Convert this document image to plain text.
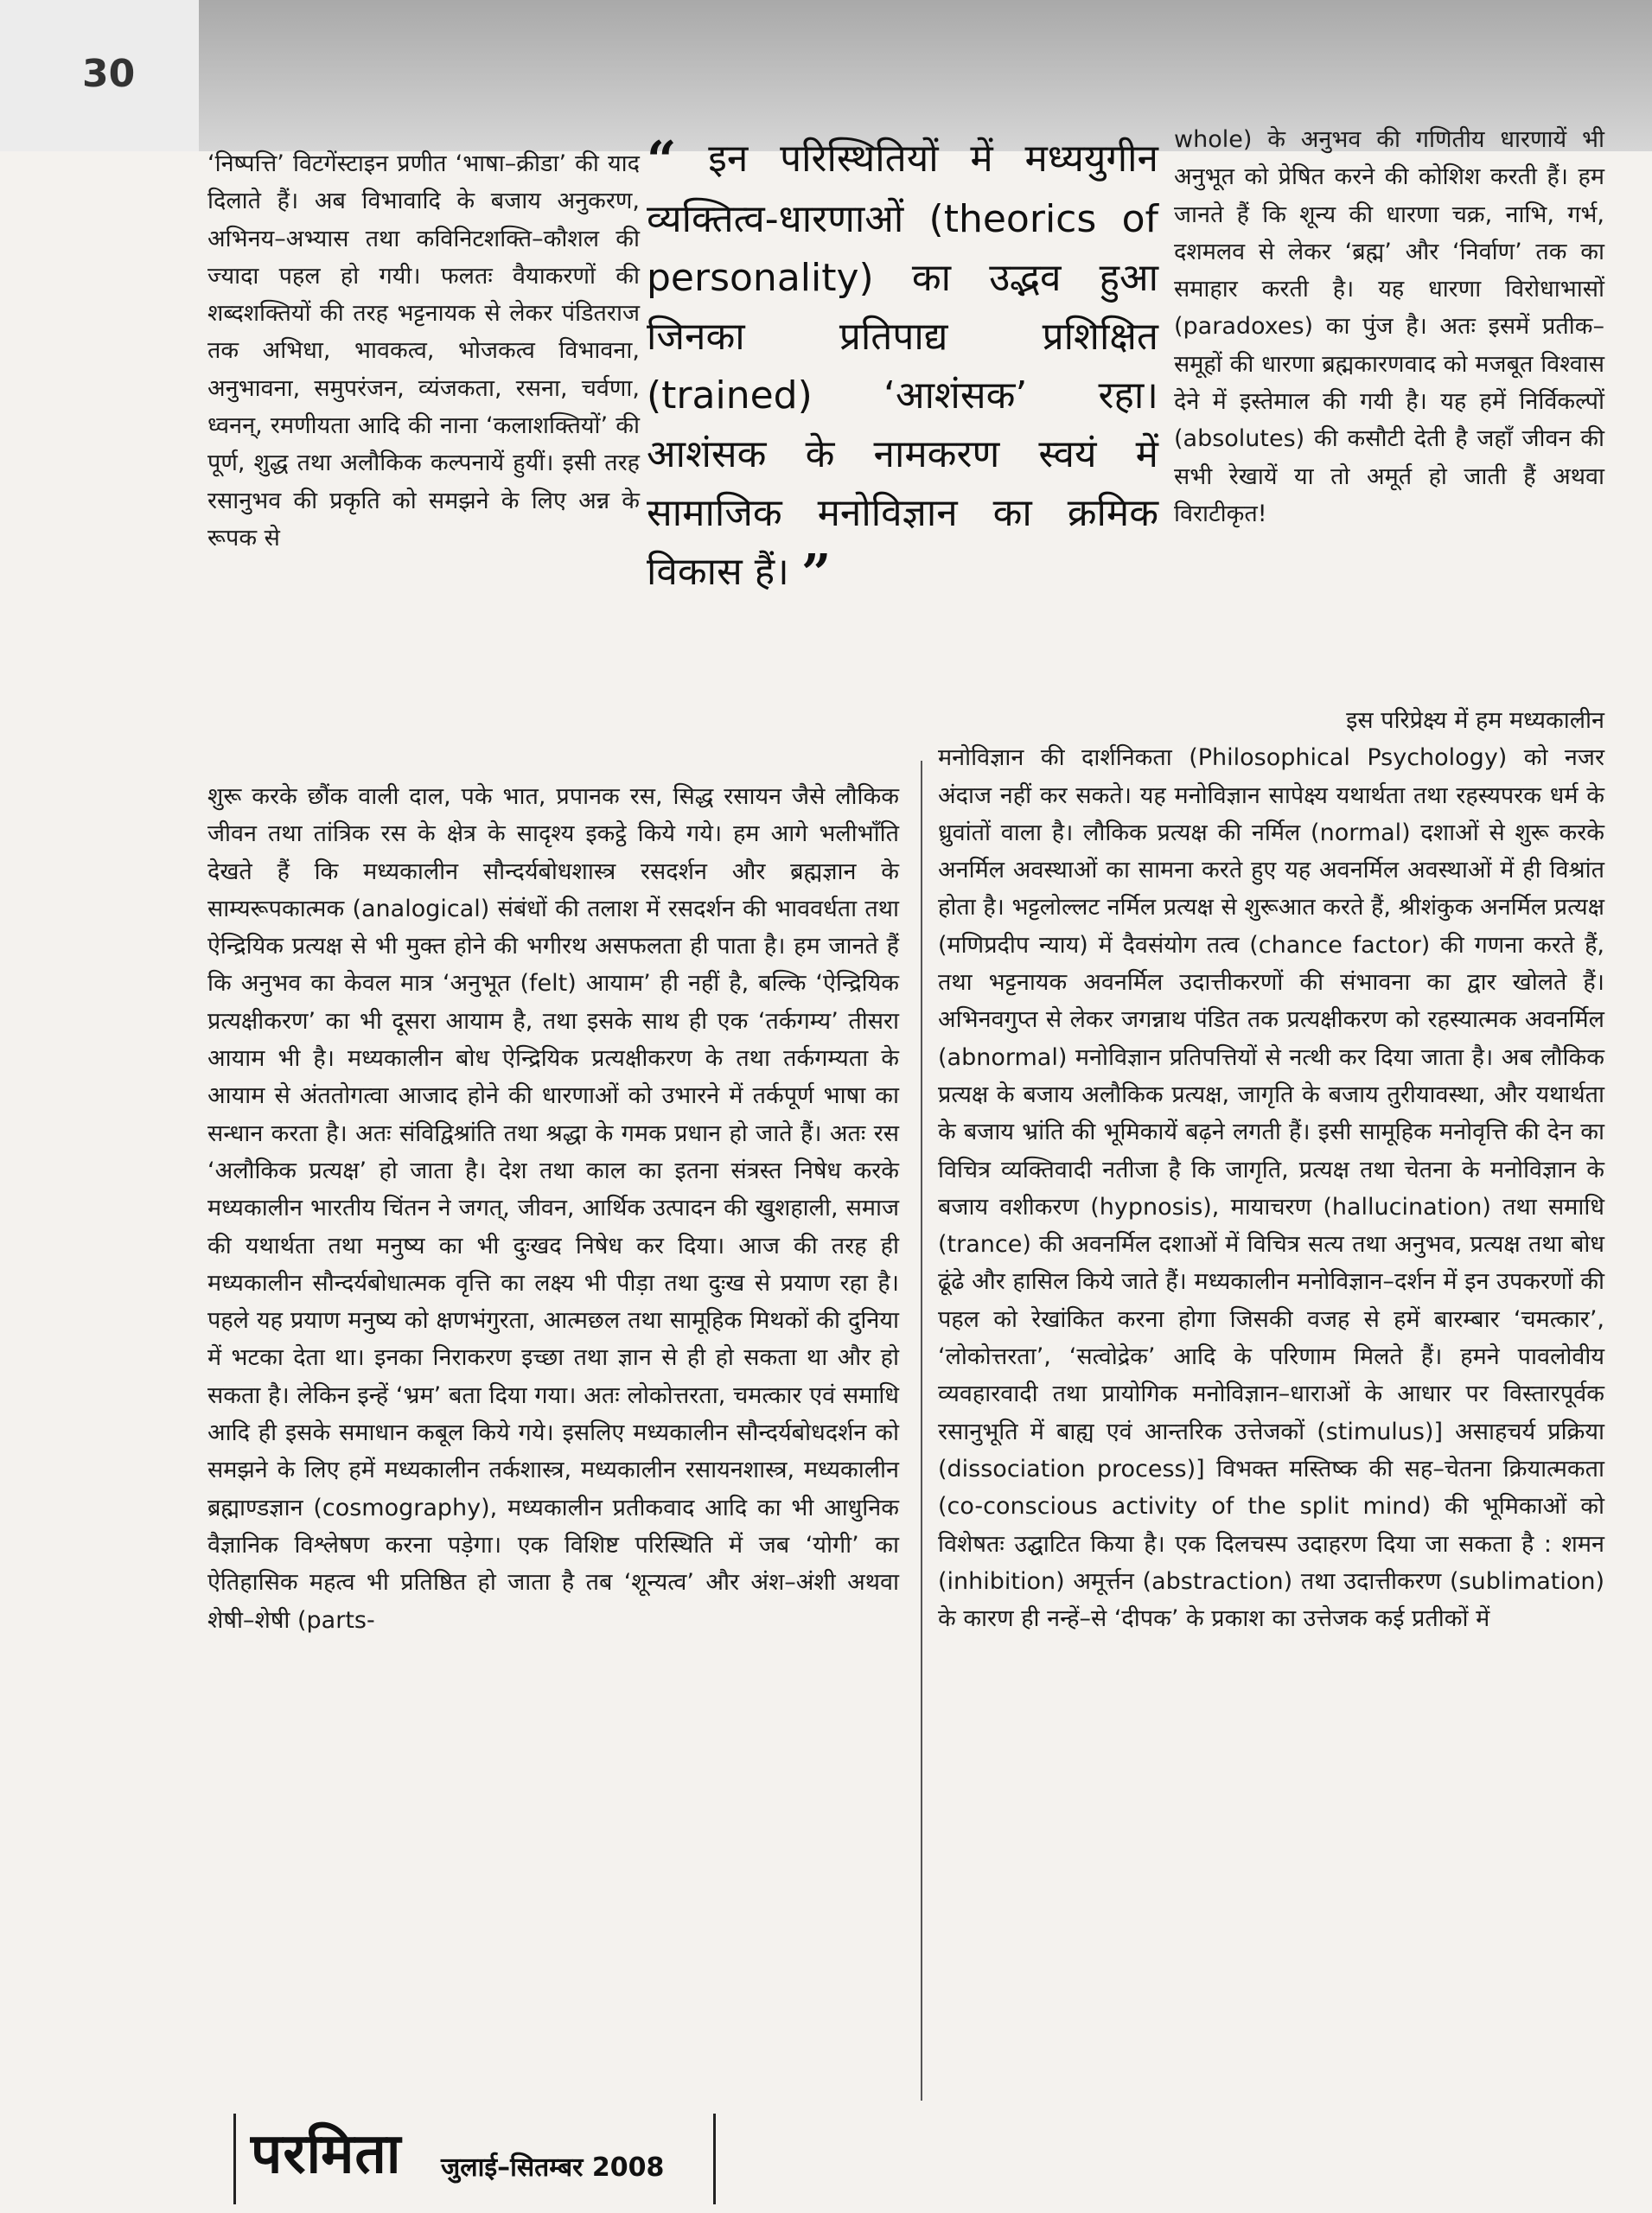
30

‘निष्पत्ति’ विटगेंस्टाइन प्रणीत ‘भाषा–क्रीडा’ की याद दिलाते हैं। अब विभावादि के बजाय अनुकरण, अभिनय–अभ्यास तथा कविनिटशक्ति–कौशल की ज्यादा पहल हो गयी। फलतः वैयाकरणों की शब्दशक्तियों की तरह भट्टनायक से लेकर पंडितराज तक अभिधा, भावकत्व, भोजकत्व विभावना, अनुभावना, समुपरंजन, व्यंजकता, रसना, चर्वणा, ध्वनन्, रमणीयता आदि की नाना ‘कलाशक्तियों’ की पूर्ण, शुद्ध तथा अलौकिक कल्पनायें हुयीं। इसी तरह रसानुभव की प्रकृति को समझने के लिए अन्न के रूपक से

“ इन परिस्थितियों में मध्ययुगीन व्यक्तित्व-धारणाओं (theorics of personality) का उद्भव हुआ जिनका प्रतिपाद्य प्रशिक्षित (trained) ‘आशंसक’ रहा। आशंसक के नामकरण स्वयं में सामाजिक मनोविज्ञान का क्रमिक विकास हैं। ”

शुरू करके छौंक वाली दाल, पके भात, प्रपानक रस, सिद्ध रसायन जैसे लौकिक जीवन तथा तांत्रिक रस के क्षेत्र के सादृश्य इकट्ठे किये गये। हम आगे भलीभाँति देखते हैं कि मध्यकालीन सौन्दर्यबोधशास्त्र रसदर्शन और ब्रह्मज्ञान के साम्यरूपकात्मक (analogical) संबंधों की तलाश में रसदर्शन की भाववर्धता तथा ऐन्द्रियिक प्रत्यक्ष से भी मुक्त होने की भगीरथ असफलता ही पाता है। हम जानते हैं कि अनुभव का केवल मात्र ‘अनुभूत (felt) आयाम’ ही नहीं है, बल्कि ‘ऐन्द्रियिक प्रत्यक्षीकरण’ का भी दूसरा आयाम है, तथा इसके साथ ही एक ‘तर्कगम्य’ तीसरा आयाम भी है। मध्यकालीन बोध ऐन्द्रियिक प्रत्यक्षीकरण के तथा तर्कगम्यता के आयाम से अंततोगत्वा आजाद होने की धारणाओं को उभारने में तर्कपूर्ण भाषा का सन्धान करता है। अतः संविद्विश्रांति तथा श्रद्धा के गमक प्रधान हो जाते हैं। अतः रस ‘अलौकिक प्रत्यक्ष’ हो जाता है। देश तथा काल का इतना संत्रस्त निषेध करके मध्यकालीन भारतीय चिंतन ने जगत्, जीवन, आर्थिक उत्पादन की खुशहाली, समाज की यथार्थता तथा मनुष्य का भी दुःखद निषेध कर दिया। आज की तरह ही मध्यकालीन सौन्दर्यबोधात्मक वृत्ति का लक्ष्य भी पीड़ा तथा दुःख से प्रयाण रहा है। पहले यह प्रयाण मनुष्य को क्षणभंगुरता, आत्मछल तथा सामूहिक मिथकों की दुनिया में भटका देता था। इनका निराकरण इच्छा तथा ज्ञान से ही हो सकता था और हो सकता है। लेकिन इन्हें ‘भ्रम’ बता दिया गया। अतः लोकोत्तरता, चमत्कार एवं समाधि आदि ही इसके समाधान कबूल किये गये। इसलिए मध्यकालीन सौन्दर्यबोधदर्शन को समझने के लिए हमें मध्यकालीन तर्कशास्त्र, मध्यकालीन रसायनशास्त्र, मध्यकालीन ब्रह्माण्डज्ञान (cosmography), मध्यकालीन प्रतीकवाद आदि का भी आधुनिक वैज्ञानिक विश्लेषण करना पड़ेगा। एक विशिष्ट परिस्थिति में जब ‘योगी’ का ऐतिहासिक महत्व भी प्रतिष्ठित हो जाता है तब ‘शून्यत्व’ और अंश–अंशी अथवा शेषी–शेषी (parts-

whole) के अनुभव की गणितीय धारणायें भी अनुभूत को प्रेषित करने की कोशिश करती हैं। हम जानते हैं कि शून्य की धारणा चक्र, नाभि, गर्भ, दशमलव से लेकर ‘ब्रह्म’ और ‘निर्वाण’ तक का समाहार करती है। यह धारणा विरोधाभासों (paradoxes) का पुंज है। अतः इसमें प्रतीक–समूहों की धारणा ब्रह्मकारणवाद को मजबूत विश्वास देने में इस्तेमाल की गयी है। यह हमें निर्विकल्पों (absolutes) की कसौटी देती है जहाँ जीवन की सभी रेखायें या तो अमूर्त हो जाती हैं अथवा विराटीकृत!

इस परिप्रेक्ष्य में हम मध्यकालीन

मनोविज्ञान की दार्शनिकता (Philosophical Psychology) को नजर अंदाज नहीं कर सकते। यह मनोविज्ञान सापेक्ष्य यथार्थता तथा रहस्यपरक धर्म के ध्रुवांतों वाला है। लौकिक प्रत्यक्ष की नर्मिल (normal) दशाओं से शुरू करके अनर्मिल अवस्थाओं का सामना करते हुए यह अवनर्मिल अवस्थाओं में ही विश्रांत होता है। भट्टलोल्लट नर्मिल प्रत्यक्ष से शुरूआत करते हैं, श्रीशंकुक अनर्मिल प्रत्यक्ष (मणिप्रदीप न्याय) में दैवसंयोग तत्व (chance factor) की गणना करते हैं, तथा भट्टनायक अवनर्मिल उदात्तीकरणों की संभावना का द्वार खोलते हैं। अभिनवगुप्त से लेकर जगन्नाथ पंडित तक प्रत्यक्षीकरण को रहस्यात्मक अवनर्मिल (abnormal) मनोविज्ञान प्रतिपत्तियों से नत्थी कर दिया जाता है। अब लौकिक प्रत्यक्ष के बजाय अलौकिक प्रत्यक्ष, जागृति के बजाय तुरीयावस्था, और यथार्थता के बजाय भ्रांति की भूमिकायें बढ़ने लगती हैं। इसी सामूहिक मनोवृत्ति की देन का विचित्र व्यक्तिवादी नतीजा है कि जागृति, प्रत्यक्ष तथा चेतना के मनोविज्ञान के बजाय वशीकरण (hypnosis), मायाचरण (hallucination) तथा समाधि (trance) की अवनर्मिल दशाओं में विचित्र सत्य तथा अनुभव, प्रत्यक्ष तथा बोध ढूंढे और हासिल किये जाते हैं। मध्यकालीन मनोविज्ञान–दर्शन में इन उपकरणों की पहल को रेखांकित करना होगा जिसकी वजह से हमें बारम्बार ‘चमत्कार’, ‘लोकोत्तरता’, ‘सत्वोद्रेक’ आदि के परिणाम मिलते हैं। हमने पावलोवीय व्यवहारवादी तथा प्रायोगिक मनोविज्ञान–धाराओं के आधार पर विस्तारपूर्वक रसानुभूति में बाह्य एवं आन्तरिक उत्तेजकों (stimulus)] असाहचर्य प्रक्रिया (dissociation process)] विभक्त मस्तिष्क की सह–चेतना क्रियात्मकता (co-conscious activity of the split mind) की भूमिकाओं को विशेषतः उद्घाटित किया है। एक दिलचस्प उदाहरण दिया जा सकता है : शमन (inhibition) अमूर्त्तन (abstraction) तथा उदात्तीकरण (sublimation) के कारण ही नन्हें–से ‘दीपक’ के प्रकाश का उत्तेजक कई प्रतीकों में

परमिता जुलाई–सितम्बर 2008
